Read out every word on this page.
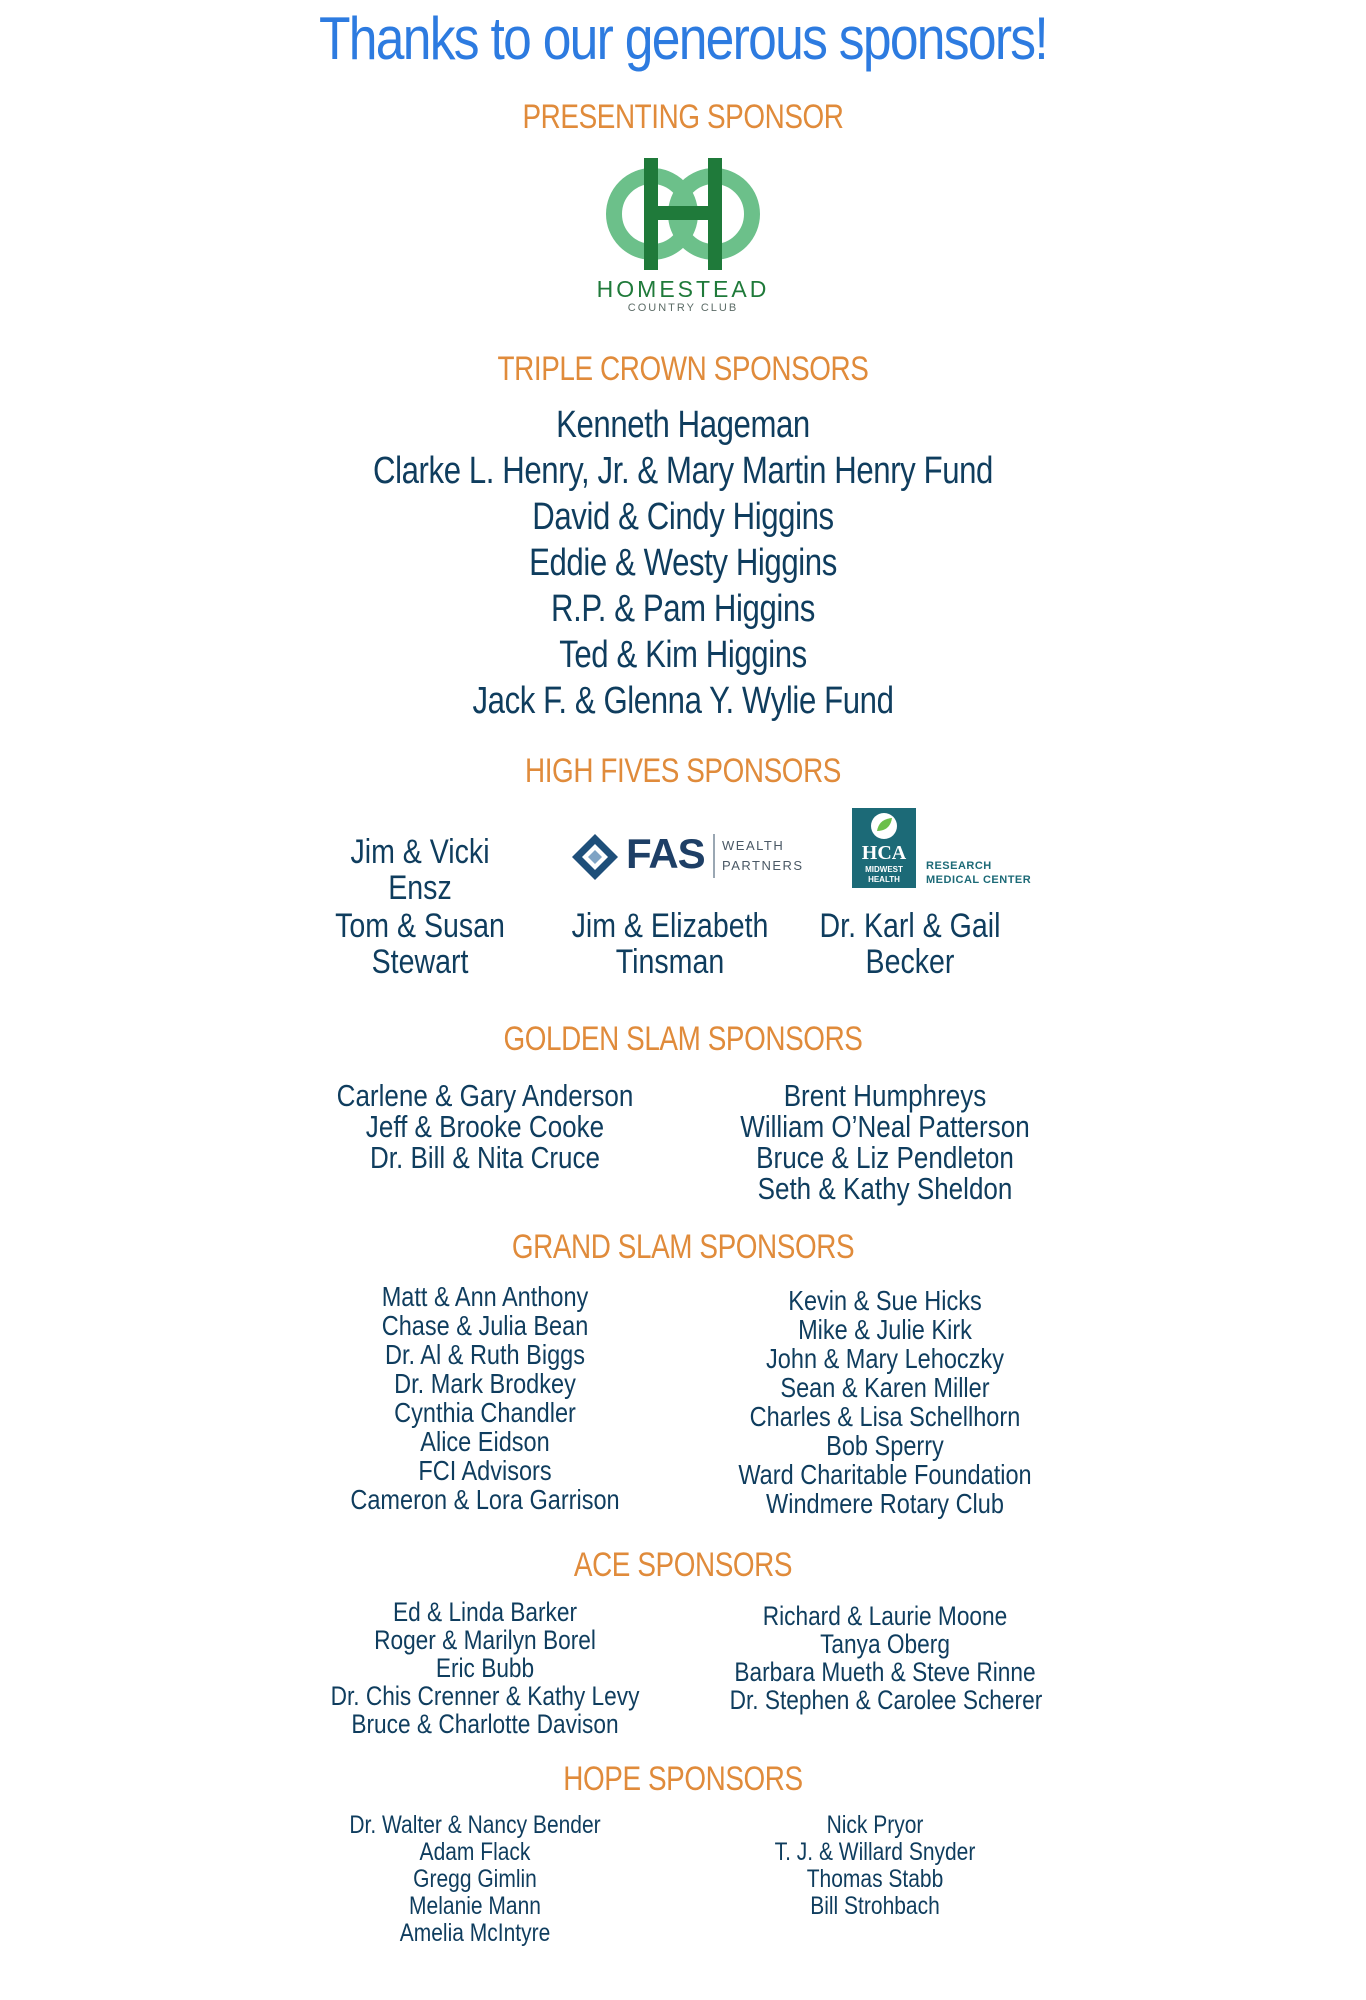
Thanks to our generous sponsors!
PRESENTING SPONSOR
HOMESTEAD
COUNTRY CLUB
TRIPLE CROWN SPONSORS
Kenneth Hageman
Clarke L. Henry, Jr. & Mary Martin Henry Fund
David & Cindy Higgins
Eddie & Westy Higgins
R.P. & Pam Higgins
Ted & Kim Higgins
Jack F. & Glenna Y. Wylie Fund
HIGH FIVES SPONSORS
Jim & Vicki Ensz
FAS WEALTH
PARTNERS
HCA
MIDWEST
HEALTH
RESEARCH
MEDICAL CENTER
Tom & Susan
Stewart
Jim & Elizabeth
Tinsman
Dr. Karl & Gail
Becker
GOLDEN SLAM SPONSORS
Carlene & Gary Anderson
Jeff & Brooke Cooke
Dr. Bill & Nita Cruce
Brent Humphreys
William O’Neal Patterson
Bruce & Liz Pendleton
Seth & Kathy Sheldon
GRAND SLAM SPONSORS
Matt & Ann Anthony
Chase & Julia Bean
Dr. Al & Ruth Biggs
Dr. Mark Brodkey
Cynthia Chandler
Alice Eidson
FCI Advisors
Cameron & Lora Garrison
Kevin & Sue Hicks
Mike & Julie Kirk
John & Mary Lehoczky
Sean & Karen Miller
Charles & Lisa Schellhorn
Bob Sperry
Ward Charitable Foundation
Windmere Rotary Club
ACE SPONSORS
Ed & Linda Barker
Roger & Marilyn Borel
Eric Bubb
Dr. Chis Crenner & Kathy Levy
Bruce & Charlotte Davison
Richard & Laurie Moone
Tanya Oberg
Barbara Mueth & Steve Rinne
Dr. Stephen & Carolee Scherer
HOPE SPONSORS
Dr. Walter & Nancy Bender
Adam Flack
Gregg Gimlin
Melanie Mann
Amelia McIntyre
Nick Pryor
T. J. & Willard Snyder
Thomas Stabb
Bill Strohbach
